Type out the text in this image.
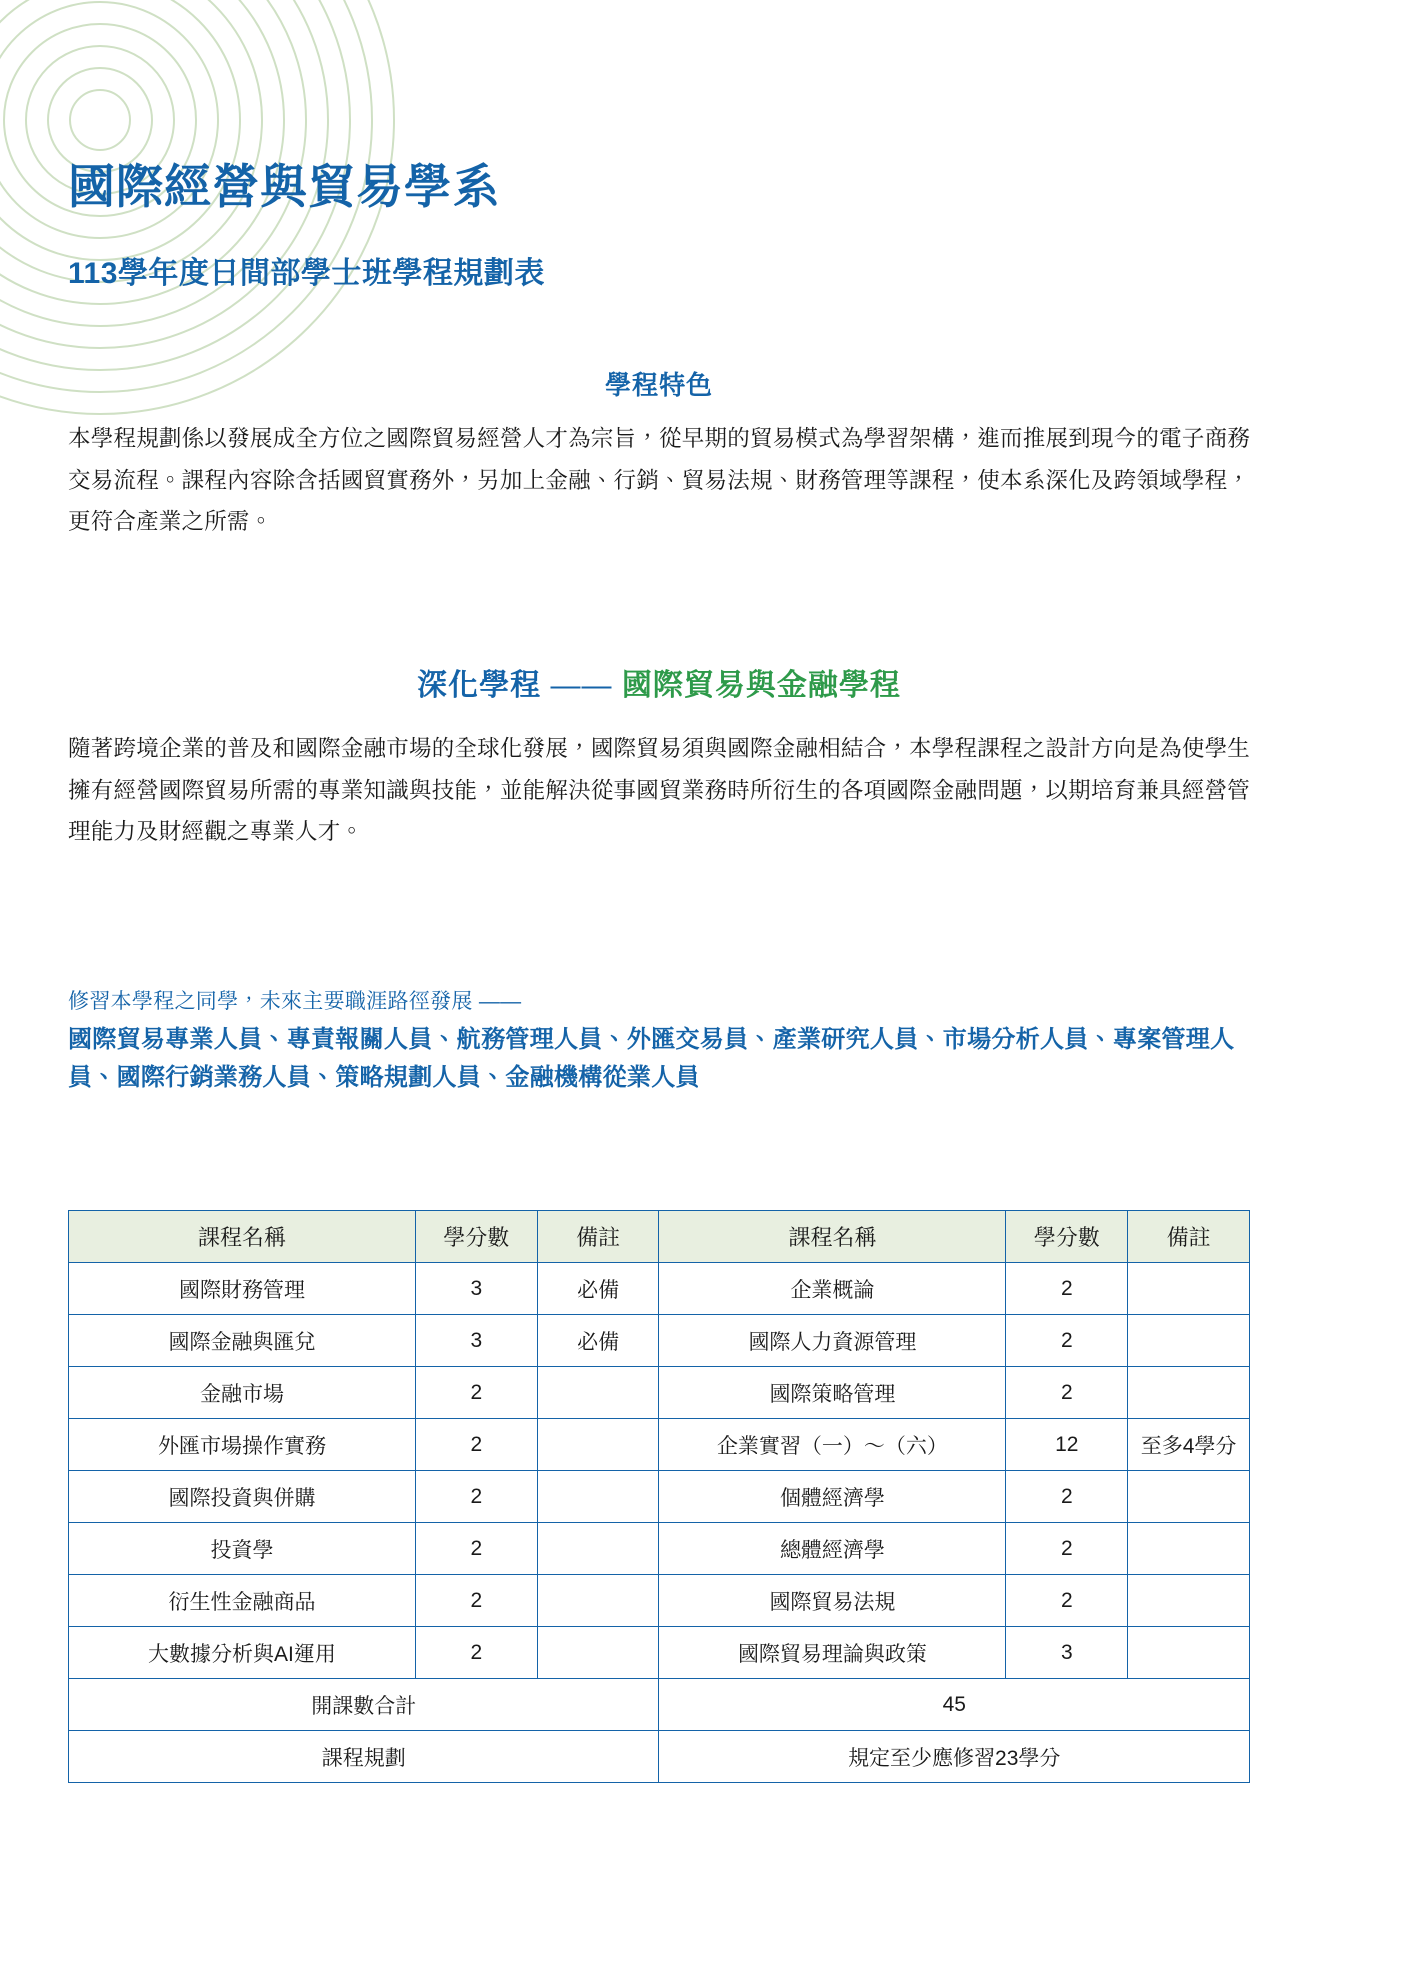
國際經營與貿易學系
113學年度日間部學士班學程規劃表
學程特色
本學程規劃係以發展成全方位之國際貿易經營人才為宗旨，從早期的貿易模式為學習架構，進而推展到現今的電子商務交易流程。課程內容除含括國貿實務外，另加上金融、行銷、貿易法規、財務管理等課程，使本系深化及跨領域學程，更符合產業之所需。
深化學程 —— 國際貿易與金融學程
隨著跨境企業的普及和國際金融市場的全球化發展，國際貿易須與國際金融相結合，本學程課程之設計方向是為使學生擁有經營國際貿易所需的專業知識與技能，並能解決從事國貿業務時所衍生的各項國際金融問題，以期培育兼具經營管理能力及財經觀之專業人才。
修習本學程之同學，未來主要職涯路徑發展 ——
國際貿易專業人員、專責報關人員、航務管理人員、外匯交易員、產業研究人員、市場分析人員、專案管理人員、國際行銷業務人員、策略規劃人員、金融機構從業人員
課程名稱	學分數	備註	課程名稱	學分數	備註
國際財務管理	3	必備	企業概論	2	
國際金融與匯兌	3	必備	國際人力資源管理	2	
金融市場	2		國際策略管理	2	
外匯市場操作實務	2		企業實習（一）～（六）	12	至多4學分
國際投資與併購	2		個體經濟學	2	
投資學	2		總體經濟學	2	
衍生性金融商品	2		國際貿易法規	2	
大數據分析與AI運用	2		國際貿易理論與政策	3	
開課數合計			45		
課程規劃			規定至少應修習23學分		
